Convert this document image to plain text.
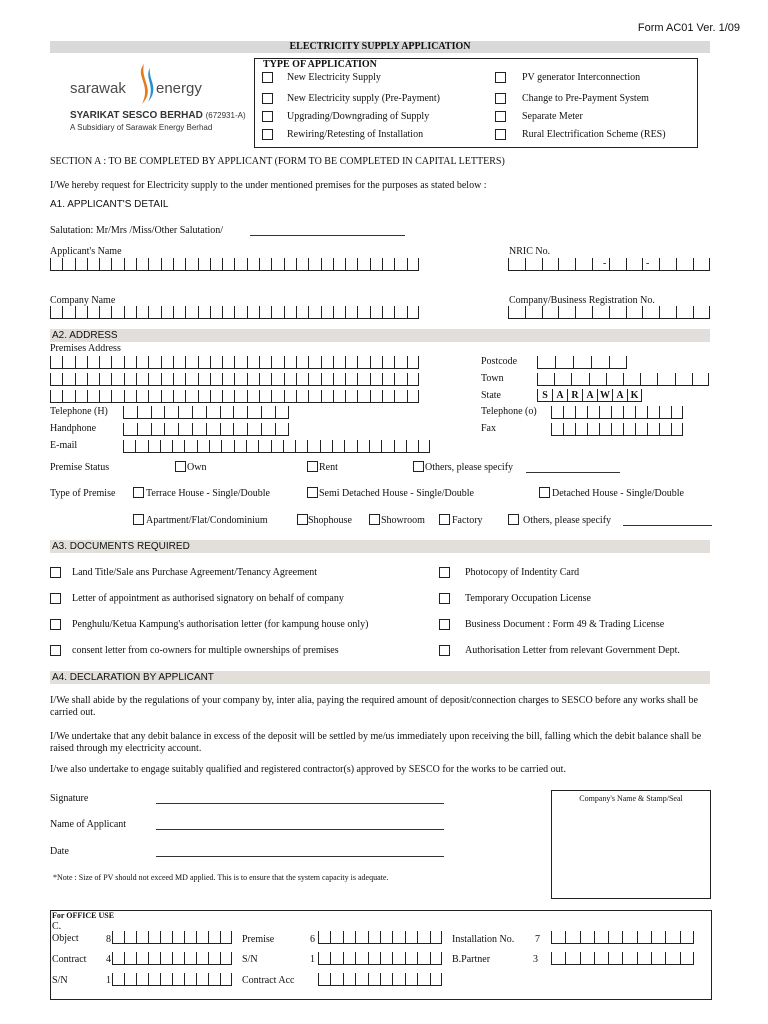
Form AC01 Ver. 1/09
ELECTRICITY SUPPLY APPLICATION
sarawak energy
SYARIKAT SESCO BERHAD (672931-A)
A Subsidiary of Sarawak Energy Berhad
TYPE OF APPLICATION
New Electricity Supply
New Electricity supply (Pre-Payment)
Upgrading/Downgrading of Supply
Rewiring/Retesting of Installation
PV generator Interconnection
Change to Pre-Payment System
Separate Meter
Rural Electrification Scheme (RES)
SECTION A : TO BE COMPLETED BY APPLICANT (FORM TO BE COMPLETED IN CAPITAL LETTERS)
I/We hereby request for Electricity supply to the under mentioned premises for the purposes as stated below :
A1. APPLICANT'S DETAIL
Salutation: Mr/Mrs /Miss/Other Salutation/
Applicant's Name	NRIC No.
-	-
Company Name	Company/Business Registration No.
A2. ADDRESS
Premises Address
Postcode
Town
State	S A R A W A K
Telephone (H)	Telephone (o)
Handphone	Fax
E-mail
Premise Status	Own	Rent	Others, please specify
Type of Premise	Terrace House - Single/Double	Semi Detached House - Single/Double	Detached House - Single/Double
Apartment/Flat/Condominium	Shophouse	Showroom	Factory	Others, please specify
A3. DOCUMENTS REQUIRED
Land Title/Sale ans Purchase Agreement/Tenancy Agreement
Letter of appointment as authorised signatory on behalf of company
Penghulu/Ketua Kampung's authorisation letter (for kampung house only)
consent letter from co-owners for multiple ownerships of premises
Photocopy of Indentity Card
Temporary Occupation License
Business Document : Form 49 & Trading License
Authorisation Letter from relevant Government Dept.
A4. DECLARATION BY APPLICANT
I/We shall abide by the regulations of your company by, inter alia, paying the required amount of deposit/connection charges to SESCO before any works shall be carried out.
I/We undertake that any debit balance in excess of the deposit will be settled by me/us immediately upon receiving the bill, falling which the debit balance shall be raised through my electricity account.
I/we also undertake to engage suitably qualified and registered contractor(s) approved by SESCO for the works to be carried out.
Signature
Name of Applicant
Date
Company's Name & Stamp/Seal
*Note : Size of PV should not exceed MD applied. This is to ensure that the system capacity is adequate.
For OFFICE USE
C.
Object	8	Premise	6	Installation No. 7
Contract 4	S/N	1	B.Partner	3
S/N	1	Contract Acc
